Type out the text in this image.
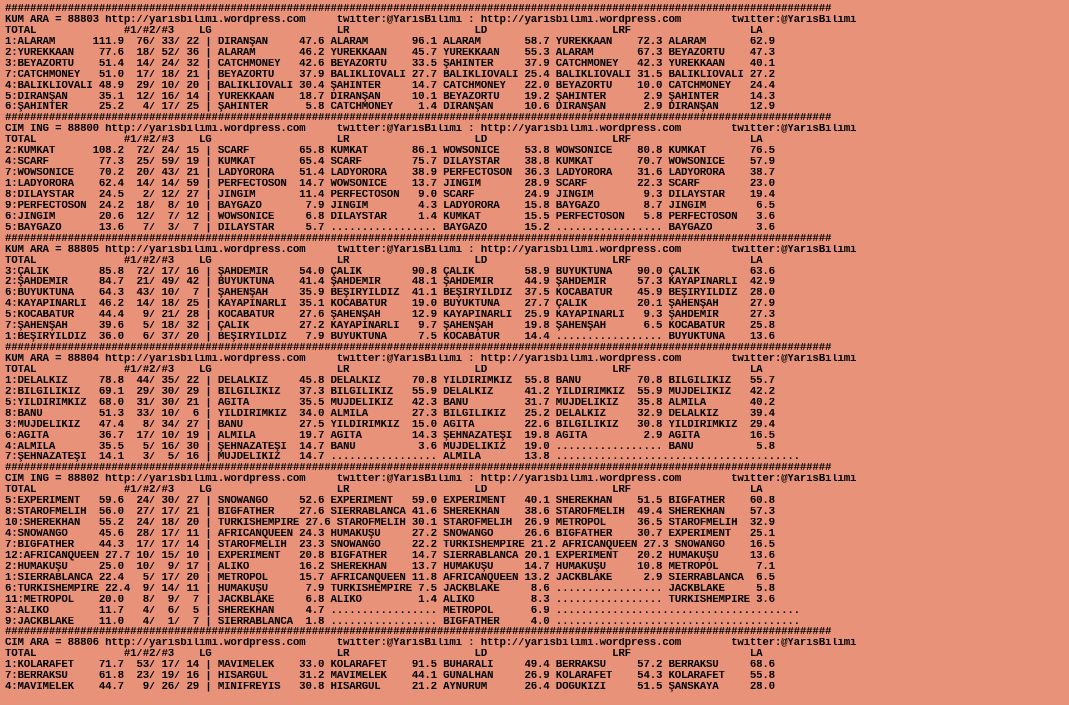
####################################################################################################################################
KUM ARA = 88803 http://yarisbilimi.wordpress.com     twitter:@YarisBilimi : http://yarisbilimi.wordpress.com        twitter:@YarisBilimi
TOTAL              #1/#2/#3    LG                    LR                    LD                    LRF                   LA
1:ALARAM      111.9  76/ 33/ 22 | DİRANŞAN     47.6 ALARAM       96.1 ALARAM       58.7 YÜREKKAAN    72.3 ALARAM       62.9
2:YÜREKKAAN    77.6  18/ 52/ 36 | ALARAM       46.2 YÜREKKAAN    45.7 YÜREKKAAN    55.3 ALARAM       67.3 BEYAZÖRTÜ    47.3
3:BEYAZÖRTÜ    51.4  14/ 24/ 32 | CATCHMONEY   42.6 BEYAZÖRTÜ    33.5 ŞAHİNTER     37.9 CATCHMONEY   42.3 YÜREKKAAN    40.1
7:CATCHMONEY   51.0  17/ 18/ 21 | BEYAZÖRTÜ    37.9 BALIKLIOVALI 27.7 BALIKLIOVALI 25.4 BALIKLIOVALI 31.5 BALIKLIOVALI 27.2
4:BALIKLIOVALI 48.9  29/ 10/ 20 | BALIKLIOVALI 30.4 ŞAHİNTER     14.7 CATCHMONEY   22.0 BEYAZÖRTÜ    10.0 CATCHMONEY   24.4
5:DİRANŞAN     35.1  12/ 16/ 14 | YÜREKKAAN    18.7 DİRANŞAN     10.1 BEYAZÖRTÜ    19.2 ŞAHİNTER      2.9 ŞAHİNTER     14.3
6:ŞAHİNTER     25.2   4/ 17/ 25 | ŞAHİNTER      5.8 CATCHMONEY    1.4 DİRANŞAN     10.6 DİRANŞAN      2.9 DİRANŞAN     12.9
####################################################################################################################################
CIM ING = 88800 http://yarisbilimi.wordpress.com     twitter:@YarisBilimi : http://yarisbilimi.wordpress.com        twitter:@YarisBilimi
TOTAL              #1/#2/#3    LG                    LR                    LD                    LRF                   LA
2:KUMKAT      108.2  72/ 24/ 15 | SCARF        65.8 KUMKAT       86.1 WOWSONICE    53.8 WOWSONICE    80.8 KUMKAT       76.5
4:SCARF        77.3  25/ 59/ 19 | KUMKAT       65.4 SCARF        75.7 DİLAYSTAR    38.8 KUMKAT       70.7 WOWSONICE    57.9
7:WOWSONICE    70.2  20/ 43/ 21 | LADYORORA    51.4 LADYORORA    38.9 PERFECTOSON  36.3 LADYORORA    31.6 LADYORORA    38.7
1:LADYORORA    62.4  14/ 14/ 59 | PERFECTOSON  14.7 WOWSONICE    13.7 JINGIM       28.9 SCARF        22.3 SCARF        23.0
8:DİLAYSTAR    24.5   2/ 12/ 27 | JINGIM       11.4 PERFECTOSON   9.0 SCARF        24.9 JINGIM        9.3 DİLAYSTAR    19.4
9:PERFECTOSON  24.2  18/  8/ 10 | BAYGAZO       7.9 JINGIM        4.3 LADYORORA    15.8 BAYGAZO       8.7 JINGIM        6.5
6:JINGIM       20.6  12/  7/ 12 | WOWSONICE     6.8 DİLAYSTAR     1.4 KUMKAT       15.5 PERFECTOSON   5.8 PERFECTOSON   3.6
5:BAYGAZO      13.6   7/  3/  7 | DİLAYSTAR     5.7 ................. BAYGAZO      15.2 ................. BAYGAZO       3.6
####################################################################################################################################
KUM ARA = 88805 http://yarisbilimi.wordpress.com     twitter:@YarisBilimi : http://yarisbilimi.wordpress.com        twitter:@YarisBilimi
TOTAL              #1/#2/#3    LG                    LR                    LD                    LRF                   LA
3:ÇALIK        85.8  72/ 17/ 16 | ŞAHDEMİR     54.0 ÇALIK        90.8 ÇALIK        58.9 BÜYÜKTUNA    90.0 ÇALIK        63.6
2:ŞAHDEMİR     84.7  21/ 49/ 42 | BÜYÜKTUNA    41.4 ŞAHDEMİR     48.1 ŞAHDEMİR     44.9 ŞAHDEMİR     57.3 KAYAPINARLI  42.9
6:BÜYÜKTUNA    64.3  43/ 10/  7 | ŞAHENŞAH     35.9 BEŞİRYILDIZ  41.1 BEŞİRYILDIZ  37.5 KOCABATUR    45.9 BEŞİRYILDIZ  28.0
4:KAYAPINARLI  46.2  14/ 18/ 25 | KAYAPINARLI  35.1 KOCABATUR    19.0 BÜYÜKTUNA    27.7 ÇALIK        20.1 ŞAHENŞAH     27.9
5:KOCABATUR    44.4   9/ 21/ 28 | KOCABATUR    27.6 ŞAHENŞAH     12.9 KAYAPINARLI  25.9 KAYAPINARLI   9.3 ŞAHDEMİR     27.3
7:ŞAHENŞAH     39.6   5/ 18/ 32 | ÇALIK        27.2 KAYAPINARLI   9.7 ŞAHENŞAH     19.8 ŞAHENŞAH      6.5 KOCABATUR    25.8
1:BEŞİRYILDIZ  36.0   6/ 37/ 20 | BEŞİRYILDIZ   7.9 BÜYÜKTUNA     7.5 KOCABATUR    14.4 ................. BÜYÜKTUNA    13.6
####################################################################################################################################
KUM ARA = 88804 http://yarisbilimi.wordpress.com     twitter:@YarisBilimi : http://yarisbilimi.wordpress.com        twitter:@YarisBilimi
TOTAL              #1/#2/#3    LG                    LR                    LD                    LRF                   LA
1:DELALKIZ     78.8  44/ 35/ 22 | DELALKIZ     45.8 DELALKIZ     70.8 YILDIRIMKIZ  55.8 BANU         70.8 BİLGİLİKIZ   55.7
2:BİLGİLİKIZ   69.1  29/ 30/ 29 | BİLGİLİKIZ   37.3 BİLGİLİKIZ   55.9 DELALKIZ     41.2 YILDIRIMKIZ  55.9 MÜJDELİKIZ   42.2
5:YILDIRIMKIZ  68.0  31/ 30/ 21 | AĞITA        35.5 MÜJDELİKIZ   42.3 BANU         31.7 MÜJDELİKIZ   35.8 ALMILA       40.2
8:BANU         51.3  33/ 10/  6 | YILDIRIMKIZ  34.0 ALMILA       27.3 BİLGİLİKIZ   25.2 DELALKIZ     32.9 DELALKIZ     39.4
3:MÜJDELİKIZ   47.4   8/ 34/ 27 | BANU         27.5 YILDIRIMKIZ  15.0 AĞITA        22.6 BİLGİLİKIZ   30.8 YILDIRIMKIZ  29.4
6:AĞITA        36.7  17/ 10/ 19 | ALMILA       19.7 AĞITA        14.3 ŞEHNAZATEŞİ  19.8 AĞITA         2.9 AĞITA        16.5
4:ALMILA       35.5   5/ 16/ 30 | ŞEHNAZATEŞİ  14.7 BANU          3.6 MÜJDELİKIZ   19.0 ................. BANU          5.8
7:ŞEHNAZATEŞİ  14.1   3/  5/ 16 | MÜJDELİKIZ   14.7 ................. ALMILA       13.8 .......................................
####################################################################################################################################
CIM ING = 88802 http://yarisbilimi.wordpress.com     twitter:@YarisBilimi : http://yarisbilimi.wordpress.com        twitter:@YarisBilimi
TOTAL              #1/#2/#3    LG                    LR                    LD                    LRF                   LA
5:EXPERIMENT   59.6  24/ 30/ 27 | SNOWANGO     52.6 EXPERIMENT   59.0 EXPERIMENT   40.1 SHEREKHAN    51.5 BIGFATHER    60.8
8:STAROFMELİH  56.0  27/ 17/ 21 | BIGFATHER    27.6 SIERRABLANCA 41.6 SHEREKHAN    38.6 STAROFMELİH  49.4 SHEREKHAN    57.3
10:SHEREKHAN   55.2  24/ 18/ 20 | TURKISHEMPIRE 27.6 STAROFMELİH 30.1 STAROFMELİH  26.9 METROPOL     36.5 STAROFMELİH  32.9
4:SNOWANGO     45.6  28/ 17/ 11 | AFRICANQUEEN 24.3 HUMAKUŞU     27.2 SNOWANGO     26.6 BIGFATHER    30.7 EXPERIMENT   25.1
7:BIGFATHER    44.3  17/ 17/ 14 | STAROFMELİH  23.3 SNOWANGO     22.2 TURKISHEMPIRE 21.2 AFRICANQUEEN 27.3 SNOWANGO    16.5
12:AFRICANQUEEN 27.7 10/ 15/ 10 | EXPERIMENT   20.8 BIGFATHER    14.7 SIERRABLANCA 20.1 EXPERIMENT   20.2 HUMAKUŞU     13.6
2:HUMAKUŞU     25.0  10/  9/ 17 | ALİKO        16.2 SHEREKHAN    13.7 HUMAKUŞU     14.7 HUMAKUŞU     10.8 METROPOL      7.1
1:SIERRABLANCA 22.4   5/ 17/ 20 | METROPOL     15.7 AFRICANQUEEN 11.8 AFRICANQUEEN 13.2 JACKBLAKE     2.9 SIERRABLANCA  6.5
6:TURKISHEMPIRE 22.4  9/ 14/ 11 | HUMAKUŞU      7.9 TURKISHEMPIRE 7.5 JACKBLAKE     8.6 ................. JACKBLAKE     5.8
11:METROPOL    20.0   8/  9/  7 | JACKBLAKE     6.8 ALİKO         1.4 ALİKO         8.3 ................. TURKISHEMPIRE 3.6
3:ALİKO        11.7   4/  6/  5 | SHEREKHAN     4.7 ................. METROPOL      6.9 .......................................
9:JACKBLAKE    11.0   4/  1/  7 | SIERRABLANCA  1.8 ................. BIGFATHER     4.0 .......................................
####################################################################################################################################
CIM ARA = 88806 http://yarisbilimi.wordpress.com     twitter:@YarisBilimi : http://yarisbilimi.wordpress.com        twitter:@YarisBilimi
TOTAL              #1/#2/#3    LG                    LR                    LD                    LRF                   LA
1:KOLARAFET    71.7  53/ 17/ 14 | MAVİMELEK    33.0 KOLARAFET    91.5 BUHARALI     49.4 BERRAKSU     57.2 BERRAKSU     68.6
7:BERRAKSU     61.8  23/ 19/ 16 | HİSARGÜL     31.2 MAVİMELEK    44.1 GÜNALHAN     26.9 KOLARAFET    54.3 KOLARAFET    55.8
4:MAVİMELEK    44.7   9/ 26/ 29 | MİNİFREYİS   30.8 HİSARGÜL     21.2 AYNURUM      26.4 DOĞUKIZI     51.5 ŞANSKAYA     28.0
